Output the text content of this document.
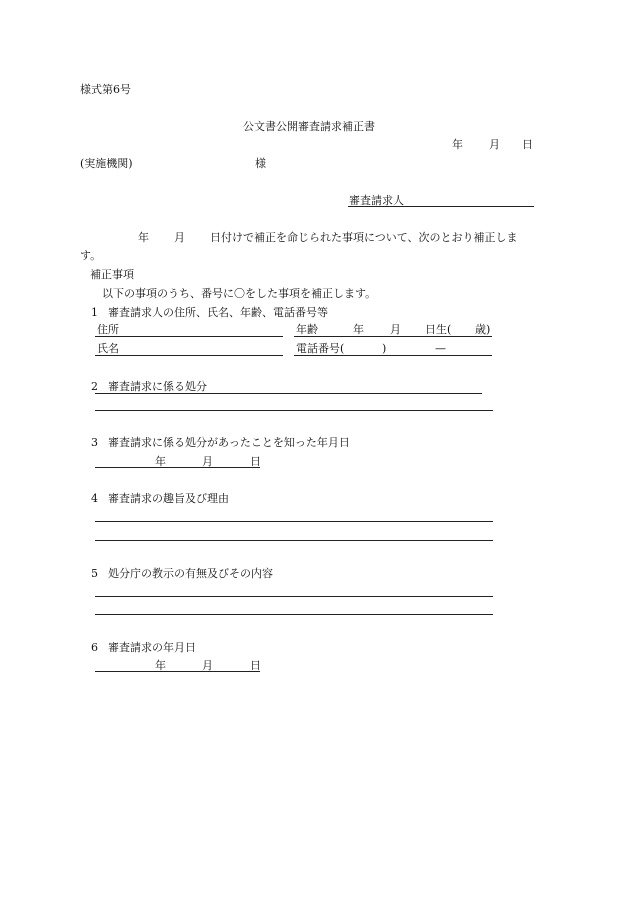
様式第6号
公文書公開審査請求補正書
年 月 日
(実施機関)	様
審査請求人
年 月 日付けで補正を命じられた事項について、次のとおり補正しま
す。
補正事項
以下の事項のうち、番号に〇をした事項を補正します。
1 審査請求人の住所、氏名、年齢、電話番号等
住所	年齢	年 月 日生( 歳)
氏名	電話番号(	)	—
2 審査請求に係る処分
3 審査請求に係る処分があったことを知った年月日
年	月	日
4 審査請求の趣旨及び理由
5 処分庁の教示の有無及びその内容
6 審査請求の年月日
年	月	日
